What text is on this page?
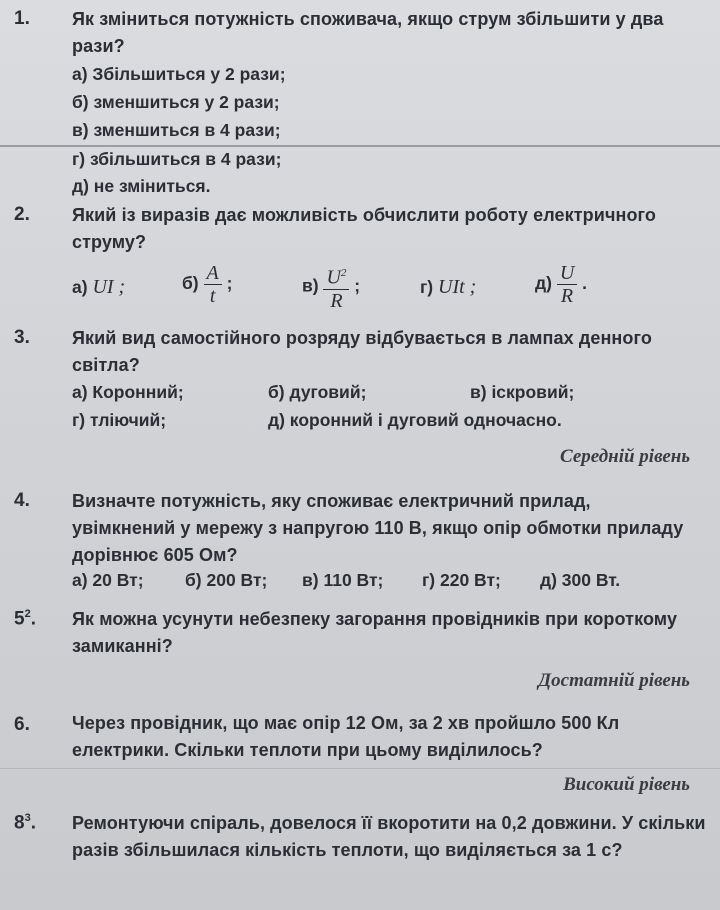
1. Як зміниться потужність споживача, якщо струм збільшити у два рази?
а) Збільшиться у 2 рази;
б) зменшиться у 2 рази;
в) зменшиться в 4 рази;
г) збільшиться в 4 рази;
д) не зміниться.
2. Який із виразів дає можливість обчислити роботу електричного струму?
а) UI ;	$б) \frac{A}{t}$ ;	$в) \frac{U^2}{R}$ ;	г) UIt ;	$д) \frac{U}{R}$ .
3. Який вид самостійного розряду відбувається в лампах денного світла?
а) Коронний;	б) дуговий;	в) іскровий;
г) тліючий;	д) коронний і дуговий одночасно.
Середній рівень
4. Визначте потужність, яку споживає електричний прилад, увімкнений у мережу з напругою 110 В, якщо опір обмотки приладу дорівнює 605 Ом?
а) 20 Вт; б) 200 Вт; в) 110 Вт; г) 220 Вт; д) 300 Вт.
$5^2$. Як можна усунути небезпеку загорання провідників при короткому замиканні?
Достатній рівень
6. Через провідник, що має опір 12 Ом, за 2 хв пройшло 500 Кл електрики. Скільки теплоти при цьому виділилось?
Високий рівень
$8^3$. Ремонтуючи спіраль, довелося її вкоротити на 0,2 довжини. У скільки разів збільшилася кількість теплоти, що виділяється за 1 с?
